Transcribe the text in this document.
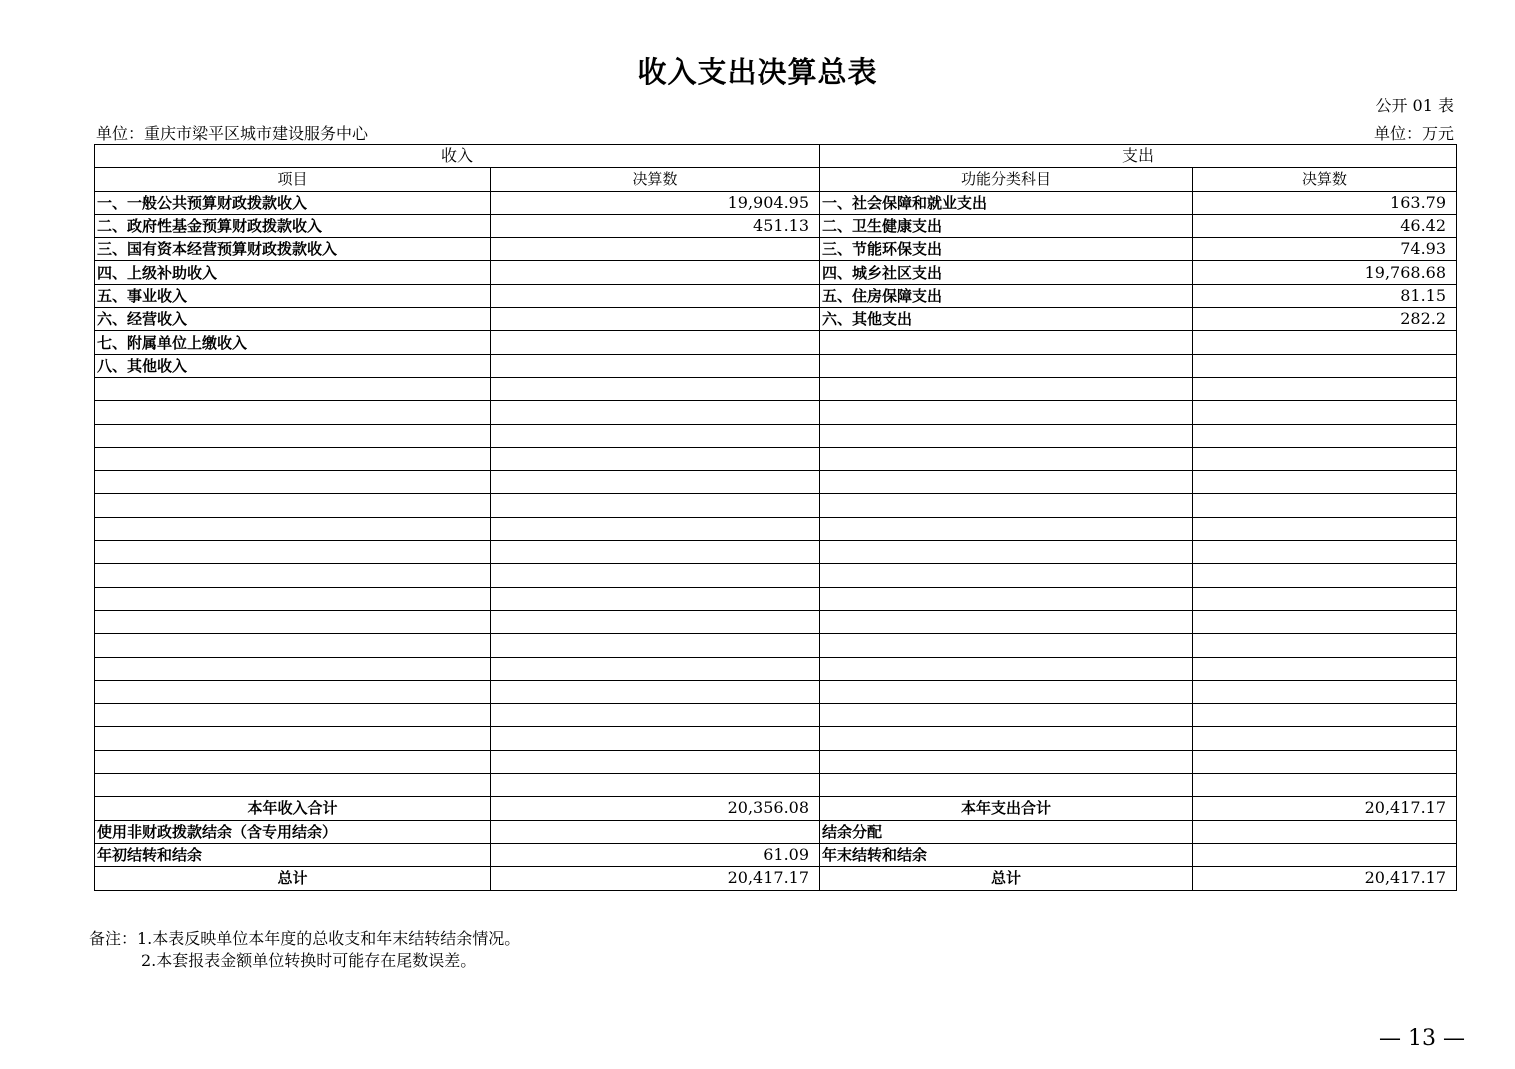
收入支出决算总表
公开 01 表
单位：重庆市梁平区城市建设服务中心	单位：万元
收入		支出	
项目	决算数	功能分类科目	决算数
一、一般公共预算财政拨款收入	19,904.95	一、社会保障和就业支出	163.79
二、政府性基金预算财政拨款收入	451.13	二、卫生健康支出	46.42
三、国有资本经营预算财政拨款收入		三、节能环保支出	74.93
四、上级补助收入		四、城乡社区支出	19,768.68
五、事业收入		五、住房保障支出	81.15
六、经营收入		六、其他支出	282.2
七、附属单位上缴收入			
八、其他收入			

本年收入合计	20,356.08	本年支出合计	20,417.17
使用非财政拨款结余（含专用结余）		结余分配	
年初结转和结余	61.09	年末结转和结余	
总计	20,417.17	总计	20,417.17
备注：1.本表反映单位本年度的总收支和年末结转结余情况。
2.本套报表金额单位转换时可能存在尾数误差。
— 13 —
